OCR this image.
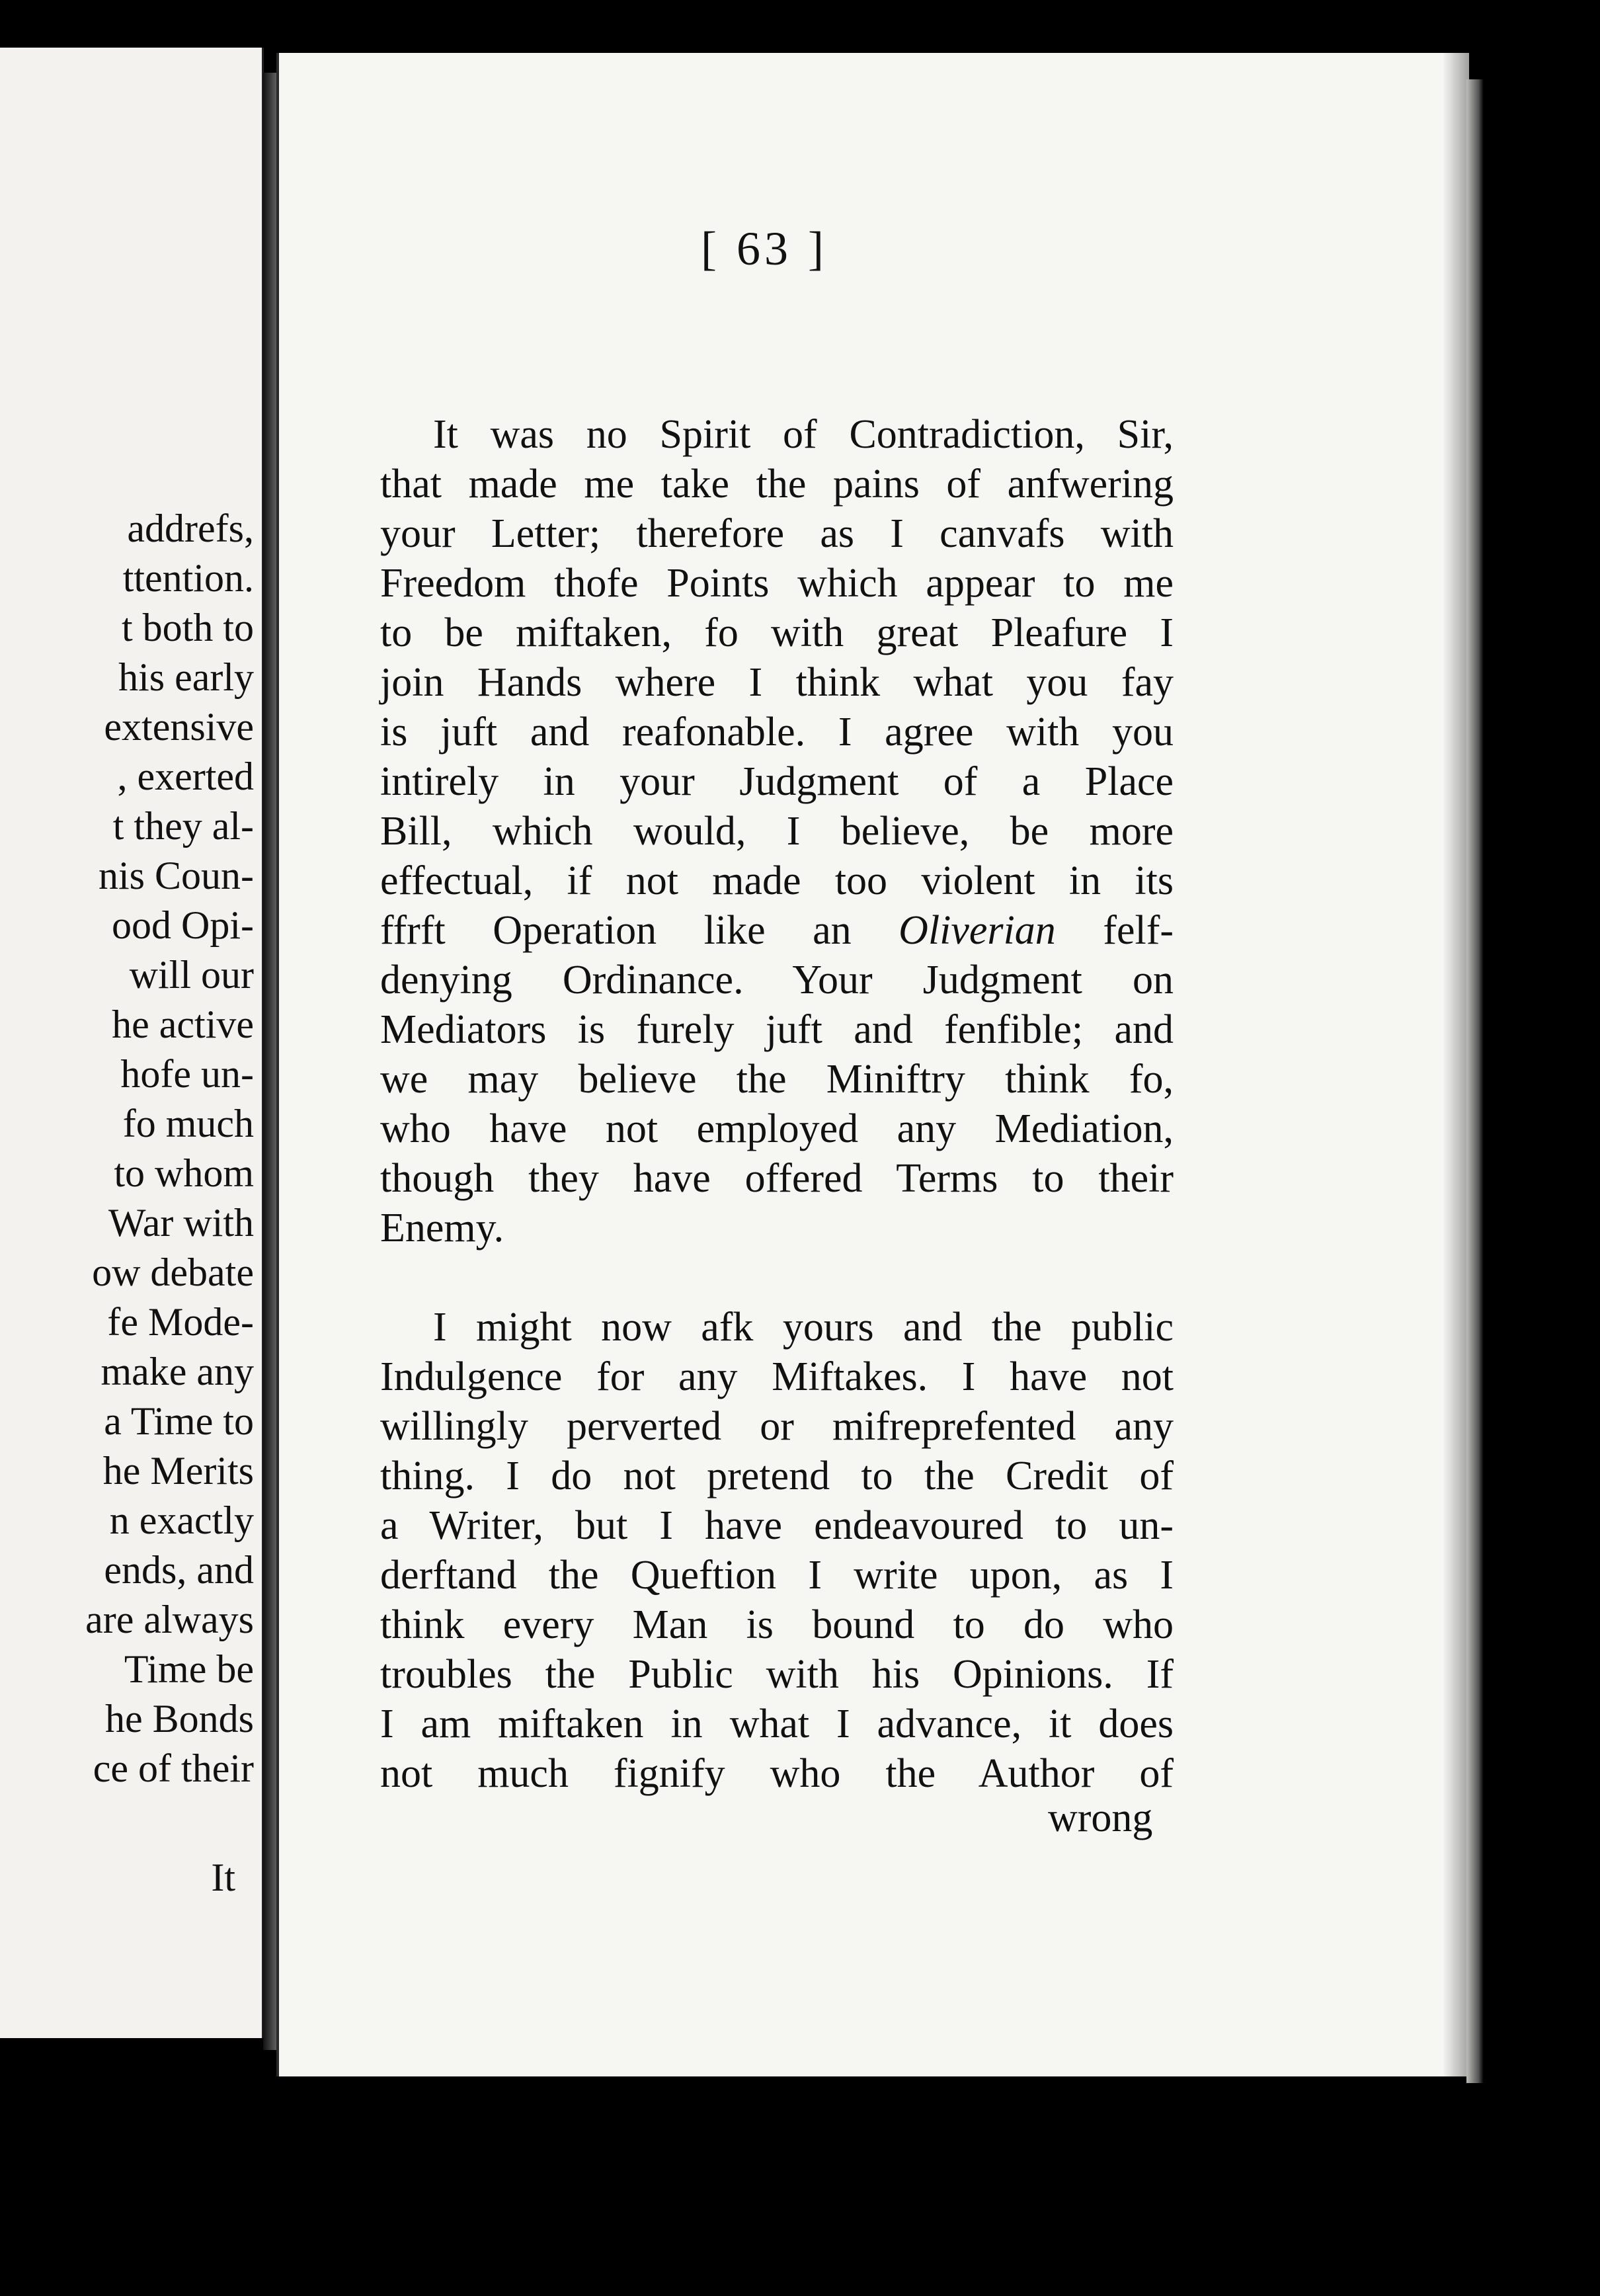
addrefs,
ttention.
t both to
his early
extensive
, exerted
t they al-
nis Coun-
ood Opi-
will our
he active
hofe un-
fo much
to whom
War with
ow debate
fe Mode-
make any
a Time to
he Merits
n exactly
ends, and
are always
Time be
he Bonds
ce of their
It
[ 63 ]
It was no Spirit of Contradiction, Sir,
that made me take the pains of anfwering
your Letter; therefore as I canvafs with
Freedom thofe Points which appear to me
to be miftaken, fo with great Pleafure I
join Hands where I think what you fay
is juft and reafonable. I agree with you
intirely in your Judgment of a Place
Bill, which would, I believe, be more
effectual, if not made too violent in its
ffrft Operation like an Oliverian felf-
denying Ordinance. Your Judgment on
Mediators is furely juft and fenfible; and
we may believe the Miniftry think fo,
who have not employed any Mediation,
though they have offered Terms to their
Enemy.
I might now afk yours and the public
Indulgence for any Miftakes. I have not
willingly perverted or mifreprefented any
thing. I do not pretend to the Credit of
a Writer, but I have endeavoured to un-
derftand the Queftion I write upon, as I
think every Man is bound to do who
troubles the Public with his Opinions. If
I am miftaken in what I advance, it does
not much fignify who the Author of
wrong
